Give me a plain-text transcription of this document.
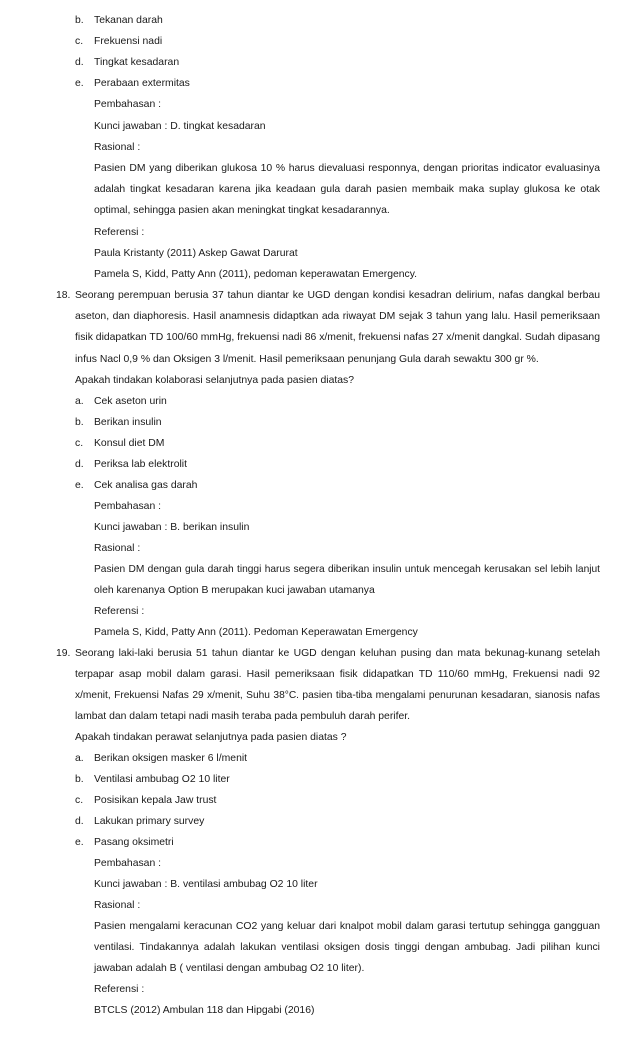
b. Tekanan darah
c. Frekuensi nadi
d. Tingkat kesadaran
e. Perabaan extermitas
Pembahasan :
Kunci jawaban : D. tingkat kesadaran
Rasional :
Pasien DM yang diberikan glukosa 10 % harus dievaluasi responnya, dengan prioritas indicator evaluasinya
adalah tingkat kesadaran karena jika keadaan gula darah pasien membaik maka suplay glukosa ke otak
optimal, sehingga pasien akan meningkat tingkat kesadarannya.
Referensi :
Paula Kristanty (2011) Askep Gawat Darurat
Pamela S, Kidd, Patty Ann (2011), pedoman keperawatan Emergency.
18. Seorang perempuan berusia 37 tahun diantar ke UGD dengan kondisi kesadran delirium, nafas dangkal berbau
aseton, dan diaphoresis. Hasil anamnesis didaptkan ada riwayat DM sejak 3 tahun yang lalu. Hasil pemeriksaan
fisik didapatkan TD 100/60 mmHg, frekuensi nadi 86 x/menit, frekuensi nafas 27 x/menit dangkal. Sudah dipasang
infus Nacl 0,9 % dan Oksigen 3 l/menit. Hasil pemeriksaan penunjang Gula darah sewaktu 300 gr %.
Apakah tindakan kolaborasi selanjutnya pada pasien diatas?
a. Cek aseton urin
b. Berikan insulin
c. Konsul diet DM
d. Periksa lab elektrolit
e. Cek analisa gas darah
Pembahasan :
Kunci jawaban : B. berikan insulin
Rasional :
Pasien DM dengan gula darah tinggi harus segera diberikan insulin untuk mencegah kerusakan sel lebih lanjut
oleh karenanya Option B merupakan kuci jawaban utamanya
Referensi :
Pamela S, Kidd, Patty Ann (2011). Pedoman Keperawatan Emergency
19. Seorang laki-laki berusia 51 tahun diantar ke UGD dengan keluhan pusing dan mata bekunag-kunang setelah
terpapar asap mobil dalam garasi. Hasil pemeriksaan fisik didapatkan TD 110/60 mmHg, Frekuensi nadi 92
x/menit, Frekuensi Nafas 29 x/menit, Suhu 38°C. pasien tiba-tiba mengalami penurunan kesadaran, sianosis nafas
lambat dan dalam tetapi nadi masih teraba pada pembuluh darah perifer.
Apakah tindakan perawat selanjutnya pada pasien diatas ?
a. Berikan oksigen masker 6 l/menit
b. Ventilasi ambubag O2 10 liter
c. Posisikan kepala Jaw trust
d. Lakukan primary survey
e. Pasang oksimetri
Pembahasan :
Kunci jawaban : B. ventilasi ambubag O2 10 liter
Rasional :
Pasien mengalami keracunan CO2 yang keluar dari knalpot mobil dalam garasi tertutup sehingga gangguan
ventilasi. Tindakannya adalah lakukan ventilasi oksigen dosis tinggi dengan ambubag. Jadi pilihan kunci
jawaban adalah B ( ventilasi dengan ambubag O2 10 liter).
Referensi :
BTCLS (2012) Ambulan 118 dan Hipgabi (2016)
